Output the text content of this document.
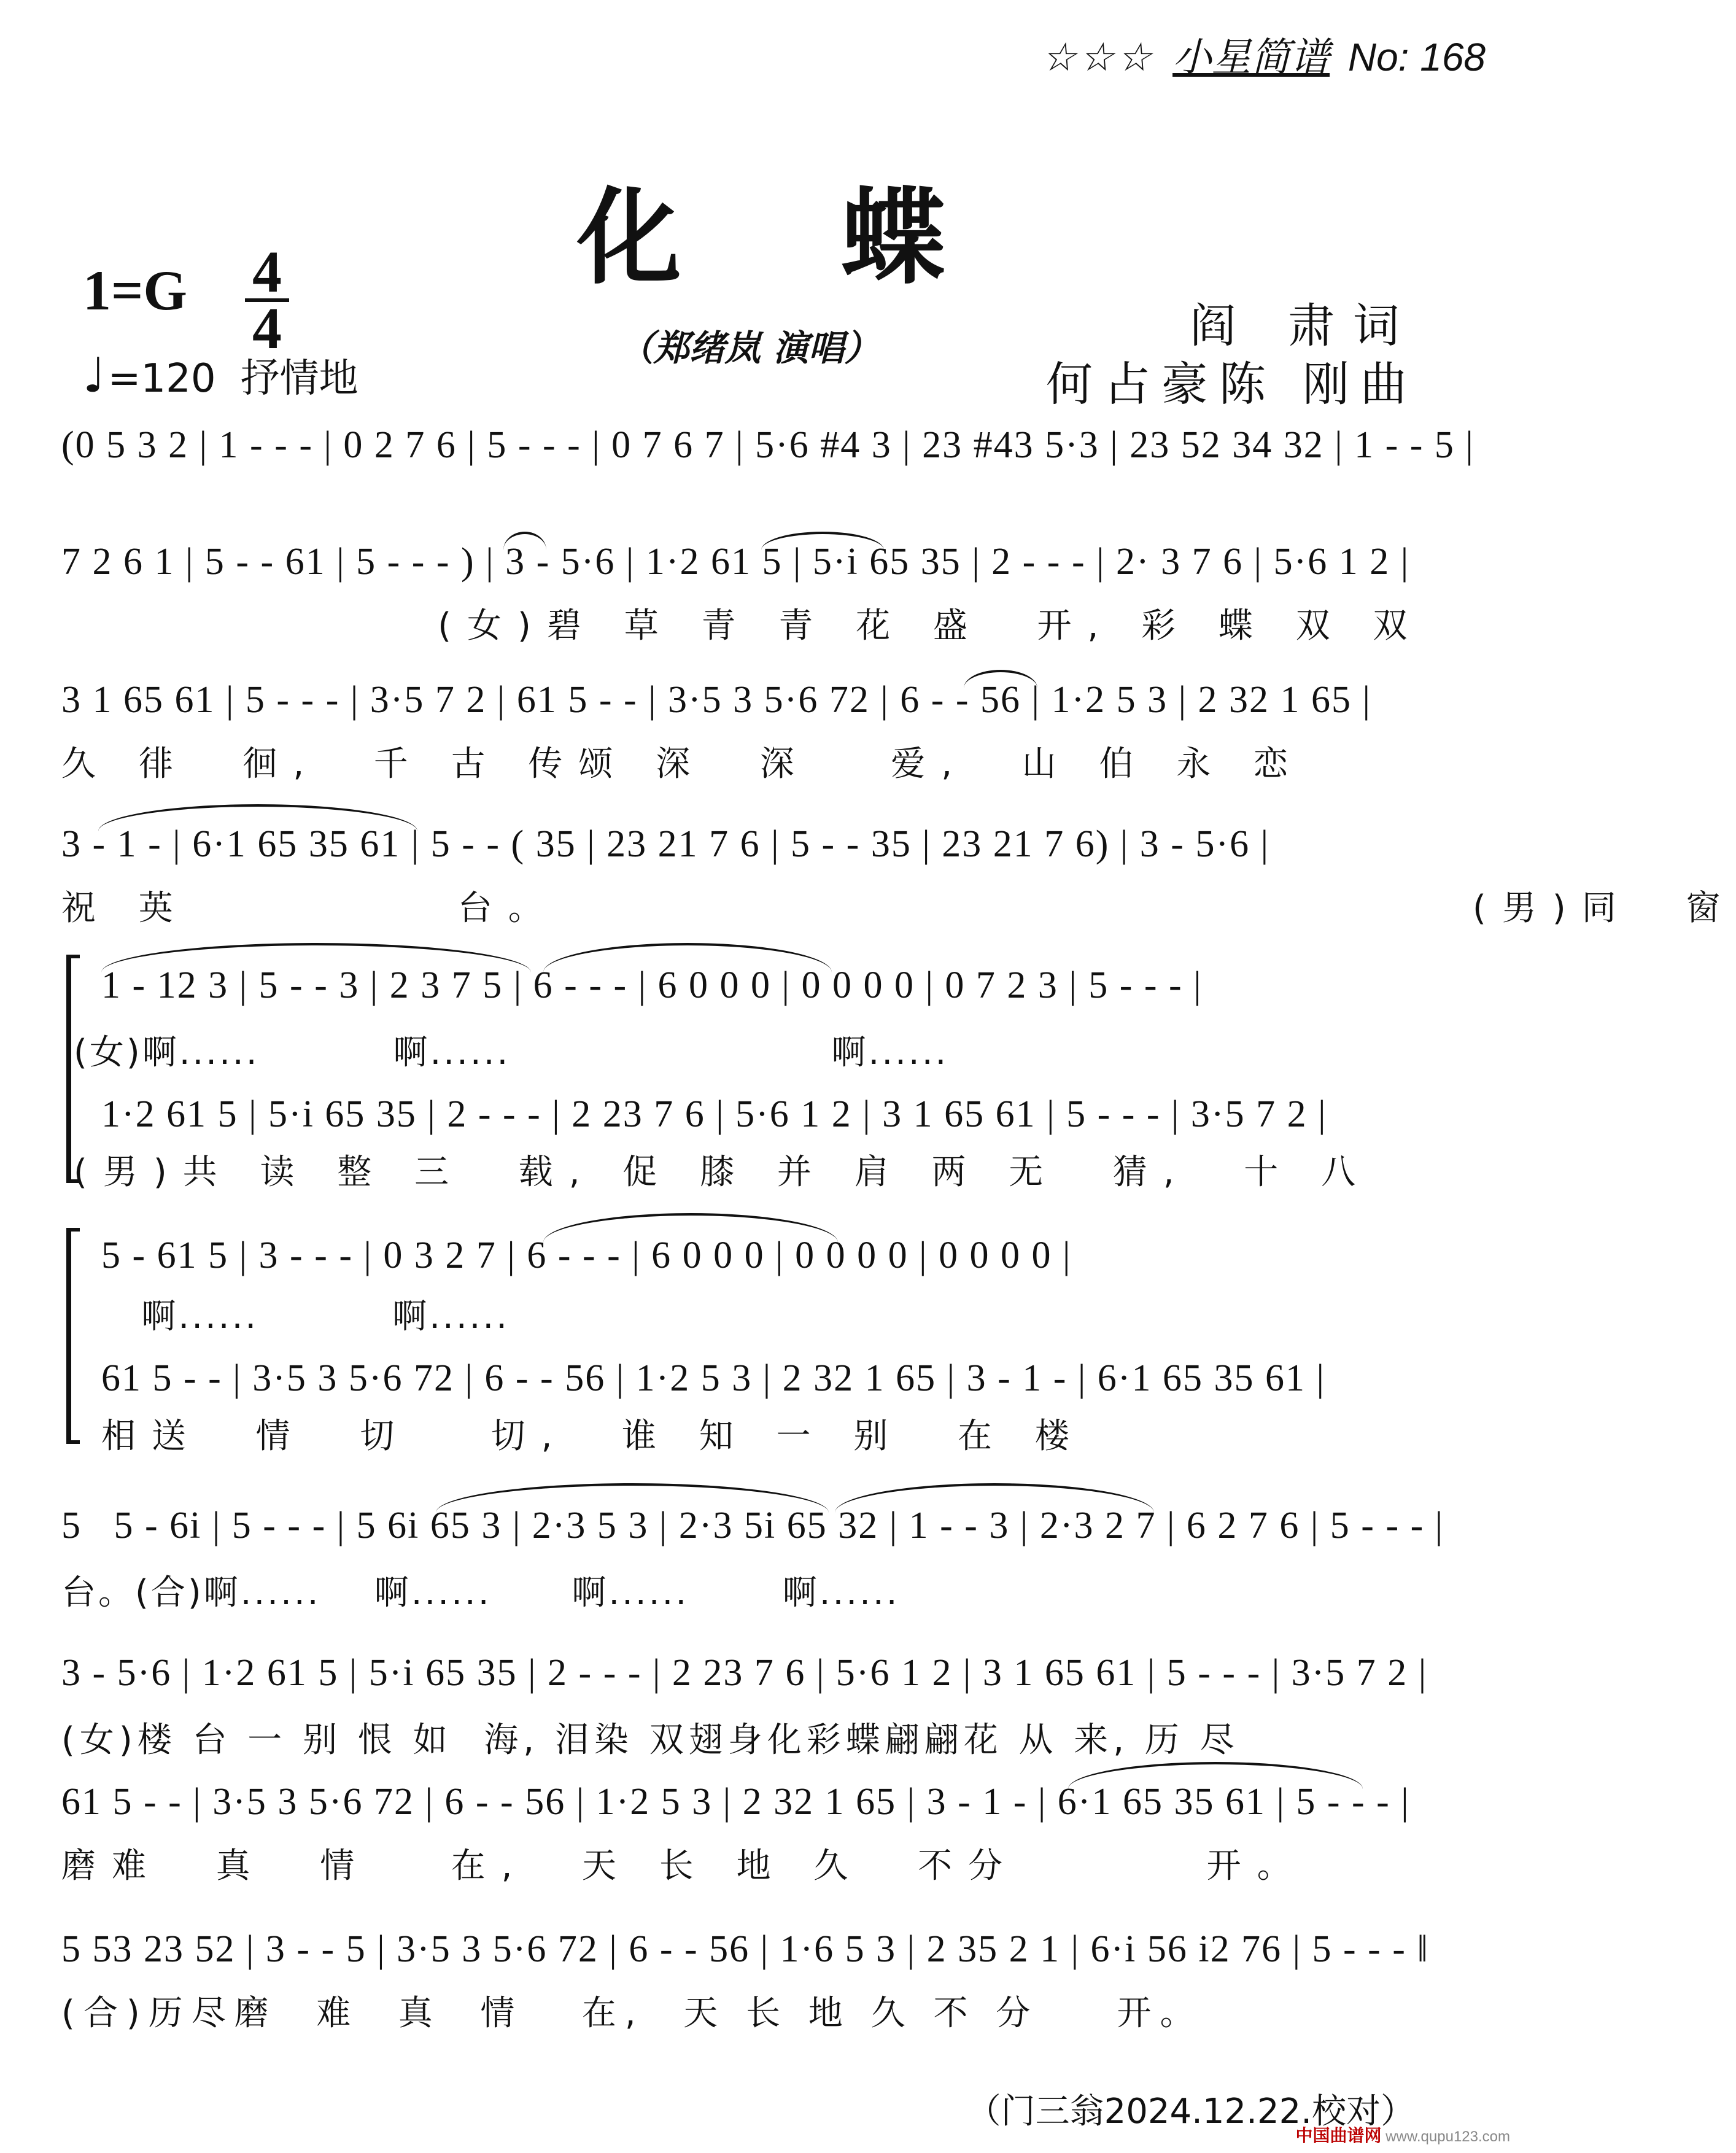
☆☆☆ 小星简谱 No: 168
化蝶
1=G 4
4
♩=120 抒情地
（郑绪岚 演唱）	阎 肃词
何占豪陈 刚曲

(0 5 3 2 | 1 - - - | 0 2 7 6 | 5 - - - | 0 7 6 7 | 5·6 #4 3 | 23 #43 5·3 | 23 52 34 32 | 1 - - 5 |

7 2 6 1 | 5 - - 61 | 5 - - - ) | 3 - 5·6 | 1·2 61 5 | 5·i 65 35 | 2 - - - | 2· 3 7 6 | 5·6 1 2 |

(女)碧 草 青 青 花 盛  开, 彩 蝶 双 双

3 1 65 61 | 5 - - - | 3·5 7 2 | 61 5 - - | 3·5 3 5·6 72 | 6 - - 56 | 1·2 5 3 | 2 32 1 65 |

久 徘  徊,  千 古 传颂 深  深   爱,  山 伯 永 恋

3 - 1 - | 6·1 65 35 61 | 5 - - ( 35 | 23 21 7 6 | 5 - - 35 | 23 21 7 6) | 3 - 5·6 |

祝 英          台。                                  (男)同  窗

1 - 12 3 | 5 - - 3 | 2 3 7 5 | 6 - - - | 6 0 0 0 | 0 0 0 0 | 0 7 2 3 | 5 - - - |

(女)啊......          啊......                        啊......

1·2 61 5 | 5·i 65 35 | 2 - - - | 2 23 7 6 | 5·6 1 2 | 3 1 65 61 | 5 - - - | 3·5 7 2 |

(男)共 读 整 三  载, 促 膝 并 肩 两 无  猜,  十 八

5 - 61 5 | 3 - - - | 0 3 2 7 | 6 - - - | 6 0 0 0 | 0 0 0 0 | 0 0 0 0 |

啊......          啊......

61 5 - - | 3·5 3 5·6 72 | 6 - - 56 | 1·2 5 3 | 2 32 1 65 | 3 - 1 - | 6·1 65 35 61 |

相送  情  切   切,  谁 知 一 别  在 楼

5   5 - 6i | 5 - - - | 5 6i 65 3 | 2·3 5 3 | 2·3 5i 65 32 | 1 - - 3 | 2·3 2 7 | 6 2 7 6 | 5 - - - |

台。(合)啊......    啊......      啊......       啊......

3 - 5·6 | 1·2 61 5 | 5·i 65 35 | 2 - - - | 2 23 7 6 | 5·6 1 2 | 3 1 65 61 | 5 - - - | 3·5 7 2 |

(女)楼 台 一 别 恨 如  海, 泪染 双翅身化彩蝶翩翩花 从 来, 历 尽

61 5 - - | 3·5 3 5·6 72 | 6 - - 56 | 1·2 5 3 | 2 32 1 65 | 3 - 1 - | 6·1 65 35 61 | 5 - - - |

磨难  真  情   在,  天 长 地 久  不分       开。

5 53 23 52 | 3 - - 5 | 3·5 3 5·6 72 | 6 - - 56 | 1·6 5 3 | 2 35 2 1 | 6·i 56 i2 76 | 5 - - - ‖

(合)历尽磨  难  真  情   在,  天 长 地 久 不 分    开。

（门三翁2024.12.22.校对）
中国曲谱网 www.qupu123.com
